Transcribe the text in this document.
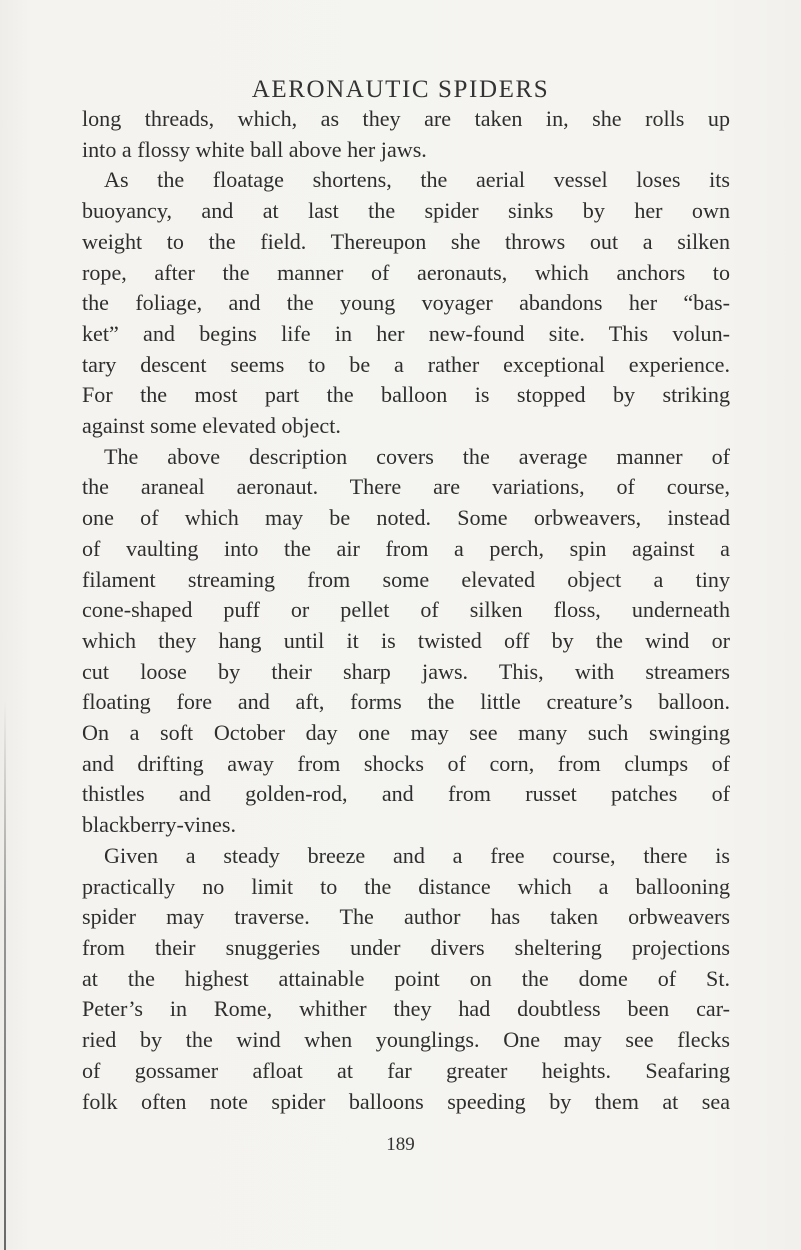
AERONAUTIC SPIDERS
long threads, which, as they are taken in, she rolls up
into a flossy white ball above her jaws.
As the floatage shortens, the aerial vessel loses its
buoyancy, and at last the spider sinks by her own
weight to the field. Thereupon she throws out a silken
rope, after the manner of aeronauts, which anchors to
the foliage, and the young voyager abandons her “bas-
ket” and begins life in her new-found site. This volun-
tary descent seems to be a rather exceptional experience.
For the most part the balloon is stopped by striking
against some elevated object.
The above description covers the average manner of
the araneal aeronaut. There are variations, of course,
one of which may be noted. Some orbweavers, instead
of vaulting into the air from a perch, spin against a
filament streaming from some elevated object a tiny
cone-shaped puff or pellet of silken floss, underneath
which they hang until it is twisted off by the wind or
cut loose by their sharp jaws. This, with streamers
floating fore and aft, forms the little creature’s balloon.
On a soft October day one may see many such swinging
and drifting away from shocks of corn, from clumps of
thistles and golden-rod, and from russet patches of
blackberry-vines.
Given a steady breeze and a free course, there is
practically no limit to the distance which a ballooning
spider may traverse. The author has taken orbweavers
from their snuggeries under divers sheltering projections
at the highest attainable point on the dome of St.
Peter’s in Rome, whither they had doubtless been car-
ried by the wind when younglings. One may see flecks
of gossamer afloat at far greater heights. Seafaring
folk often note spider balloons speeding by them at sea
189
